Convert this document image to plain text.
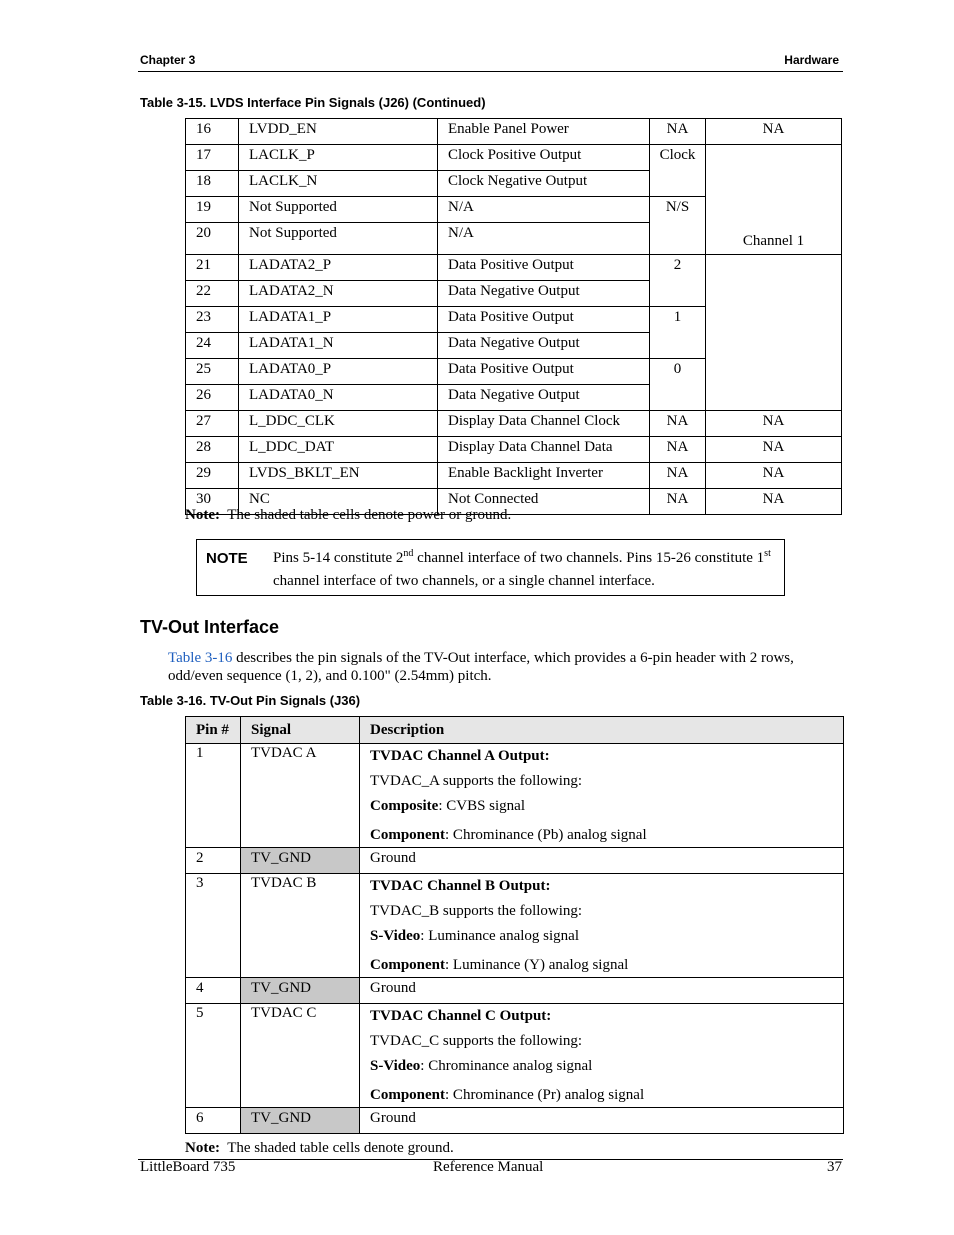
Chapter 3	Hardware
Table 3-15. LVDS Interface Pin Signals (J26) (Continued)
16	LVDD_EN	Enable Panel Power	NA	NA
17	LACLK_P	Clock Positive Output	Clock	Channel 1
18	LACLK_N	Clock Negative Output		
19	Not Supported	N/A	N/S	
20	Not Supported	N/A		
21	LADATA2_P	Data Positive Output	2	
22	LADATA2_N	Data Negative Output		
23	LADATA1_P	Data Positive Output	1	
24	LADATA1_N	Data Negative Output		
25	LADATA0_P	Data Positive Output	0	
26	LADATA0_N	Data Negative Output		
27	L_DDC_CLK	Display Data Channel Clock	NA	NA
28	L_DDC_DAT	Display Data Channel Data	NA	NA
29	LVDS_BKLT_EN	Enable Backlight Inverter	NA	NA
30	NC	Not Connected	NA	NA
Note: The shaded table cells denote power or ground.
NOTE Pins 5-14 constitute 2nd channel interface of two channels. Pins 15-26 constitute 1st channel interface of two channels, or a single channel interface.
TV-Out Interface
Table 3-16 describes the pin signals of the TV-Out interface, which provides a 6-pin header with 2 rows, odd/even sequence (1, 2), and 0.100" (2.54mm) pitch.
Table 3-16. TV-Out Pin Signals (J36)
Pin #	Signal	Description
1	TVDAC A	TVDAC Channel A Output:
TVDAC_A supports the following:
Composite: CVBS signal
Component: Chrominance (Pb) analog signal

2	TV_GND	Ground
3	TVDAC B	TVDAC Channel B Output:
TVDAC_B supports the following:
S-Video: Luminance analog signal
Component: Luminance (Y) analog signal

4	TV_GND	Ground
5	TVDAC C	TVDAC Channel C Output:
TVDAC_C supports the following:
S-Video: Chrominance analog signal
Component: Chrominance (Pr) analog signal

6	TV_GND	Ground
Note: The shaded table cells denote ground.
LittleBoard 735	Reference Manual	37
